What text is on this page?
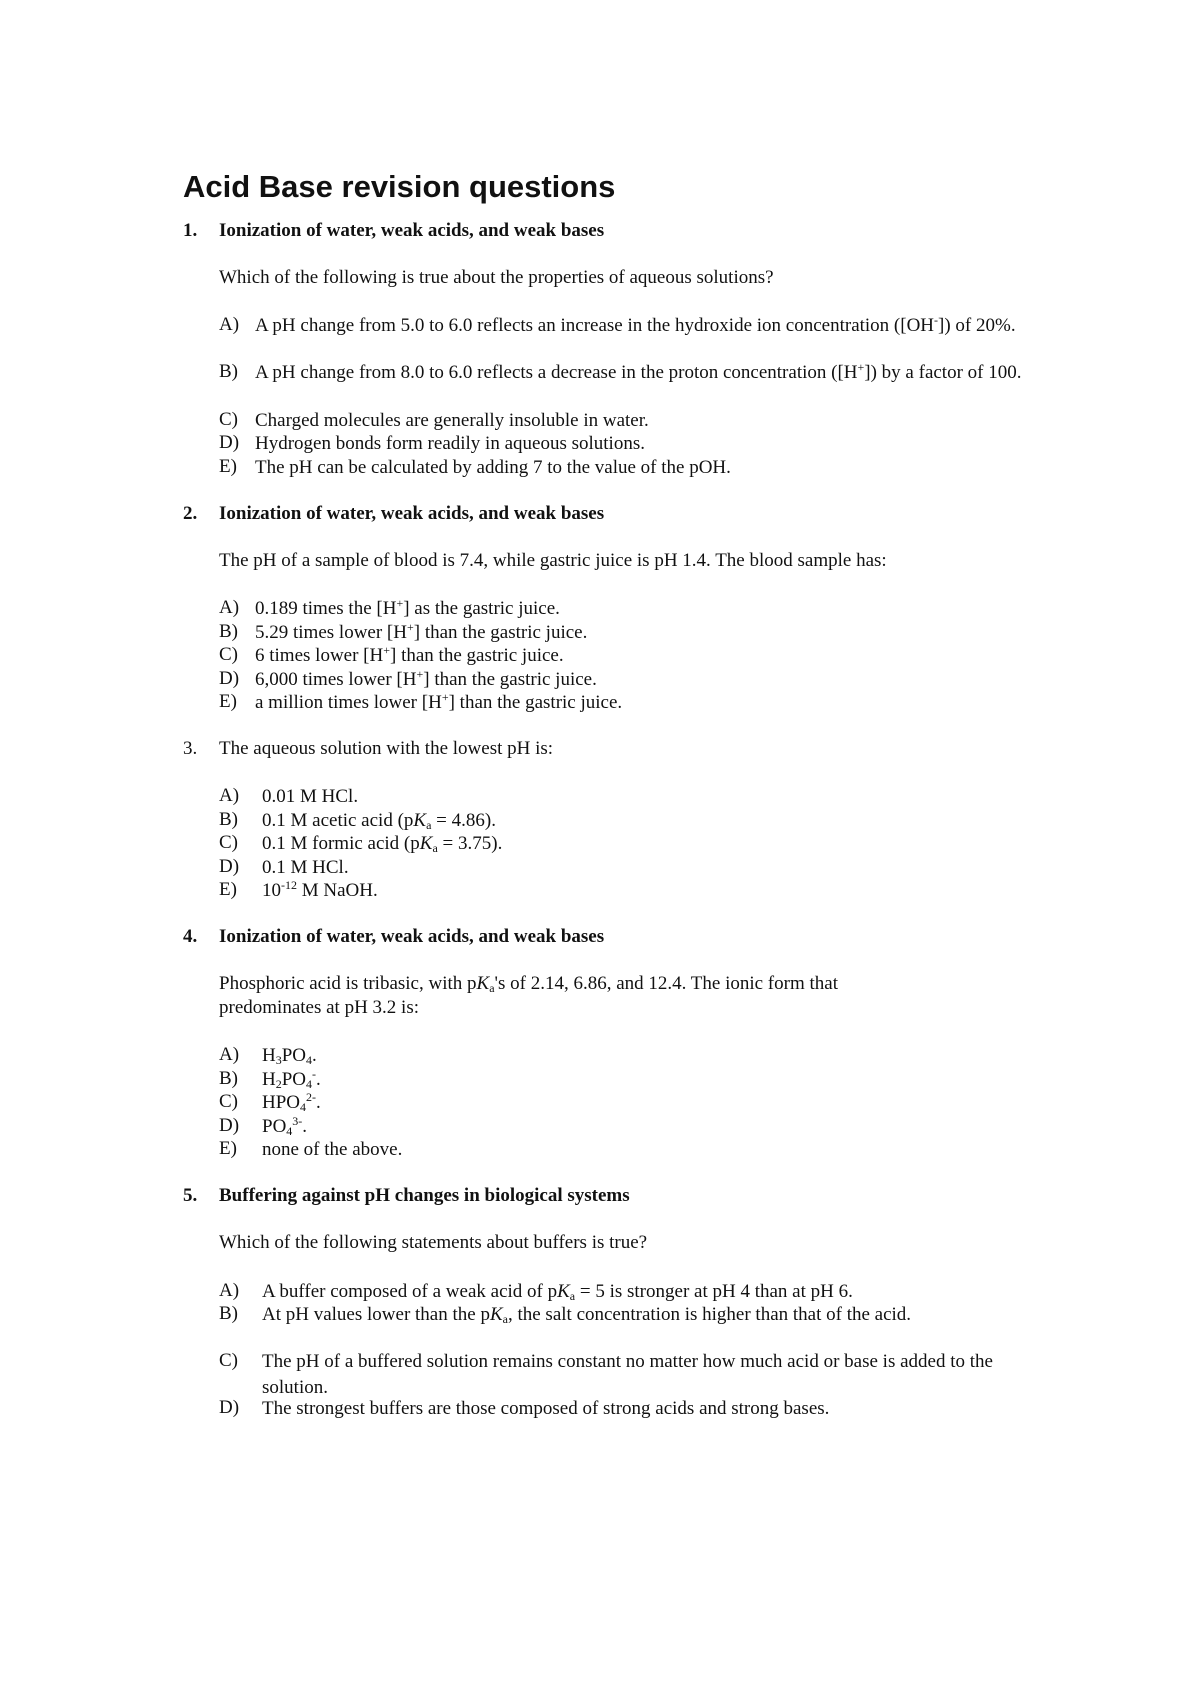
Acid Base revision questions
1. Ionization of water, weak acids, and weak bases
Which of the following is true about the properties of aqueous solutions?
A) A pH change from 5.0 to 6.0 reflects an increase in the hydroxide ion concentration ([OH-]) of 20%.
B) A pH change from 8.0 to 6.0 reflects a decrease in the proton concentration ([H+]) by a factor of 100.
C) Charged molecules are generally insoluble in water.
D) Hydrogen bonds form readily in aqueous solutions.
E) The pH can be calculated by adding 7 to the value of the pOH.
2. Ionization of water, weak acids, and weak bases
The pH of a sample of blood is 7.4, while gastric juice is pH 1.4. The blood sample has:
A) 0.189 times the [H+] as the gastric juice.
B) 5.29 times lower [H+] than the gastric juice.
C) 6 times lower [H+] than the gastric juice.
D) 6,000 times lower [H+] than the gastric juice.
E) a million times lower [H+] than the gastric juice.
3. The aqueous solution with the lowest pH is:
A) 0.01 M HCl.
B) 0.1 M acetic acid $(pK_a = 4.86)$.
C) 0.1 M formic acid $(pK_a = 3.75)$.
D) 0.1 M HCl.
E) $10^{-12}$ M NaOH.
4. Ionization of water, weak acids, and weak bases
Phosphoric acid is tribasic, with $pK_a's$ of 2.14, 6.86, and 12.4. The ionic form that
predominates at pH 3.2 is:
A) $H_3PO_4$.
B) $H_2PO_4^-$.
C) $HPO_4^{2-}$.
D) $PO_4^{3-}$.
E) none of the above.
5. Buffering against pH changes in biological systems
Which of the following statements about buffers is true?
A) A buffer composed of a weak acid of $pK_a = 5$ is stronger at pH 4 than at pH 6.
B) At pH values lower than the $pK_a$, the salt concentration is higher than that of the acid.
C) The pH of a buffered solution remains constant no matter how much acid or base is added to the solution.
D) The strongest buffers are those composed of strong acids and strong bases.
